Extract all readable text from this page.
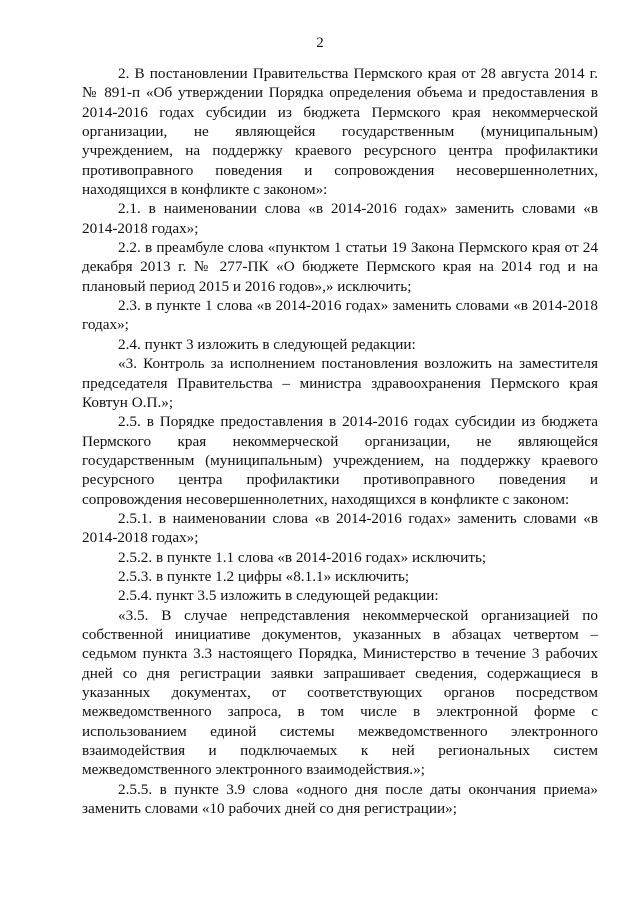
2

2. В постановлении Правительства Пермского края от 28 августа 2014 г. № 891-п «Об утверждении Порядка определения объема и предоставления в 2014-2016 годах субсидии из бюджета Пермского края некоммерческой организации, не являющейся государственным (муниципальным) учреждением, на поддержку краевого ресурсного центра профилактики противоправного поведения и сопровождения несовершеннолетних, находящихся в конфликте с законом»:

2.1. в наименовании слова «в 2014-2016 годах» заменить словами «в 2014-2018 годах»;

2.2. в преамбуле слова «пунктом 1 статьи 19 Закона Пермского края от 24 декабря 2013 г. № 277-ПК «О бюджете Пермского края на 2014 год и на плановый период 2015 и 2016 годов»,» исключить;

2.3. в пункте 1 слова «в 2014-2016 годах» заменить словами «в 2014-2018 годах»;

2.4. пункт 3 изложить в следующей редакции:

«3. Контроль за исполнением постановления возложить на заместителя председателя Правительства – министра здравоохранения Пермского края Ковтун О.П.»;

2.5. в Порядке предоставления в 2014-2016 годах субсидии из бюджета Пермского края некоммерческой организации, не являющейся государственным (муниципальным) учреждением, на поддержку краевого ресурсного центра профилактики противоправного поведения и сопровождения несовершеннолетних, находящихся в конфликте с законом:

2.5.1. в наименовании слова «в 2014-2016 годах» заменить словами «в 2014-2018 годах»;

2.5.2. в пункте 1.1 слова «в 2014-2016 годах» исключить;

2.5.3. в пункте 1.2 цифры «8.1.1» исключить;

2.5.4. пункт 3.5 изложить в следующей редакции:

«3.5. В случае непредставления некоммерческой организацией по собственной инициативе документов, указанных в абзацах четвертом – седьмом пункта 3.3 настоящего Порядка, Министерство в течение 3 рабочих дней со дня регистрации заявки запрашивает сведения, содержащиеся в указанных документах, от соответствующих органов посредством межведомственного запроса, в том числе в электронной форме с использованием единой системы межведомственного электронного взаимодействия и подключаемых к ней региональных систем межведомственного электронного взаимодействия.»;

2.5.5. в пункте 3.9 слова «одного дня после даты окончания приема» заменить словами «10 рабочих дней со дня регистрации»;
